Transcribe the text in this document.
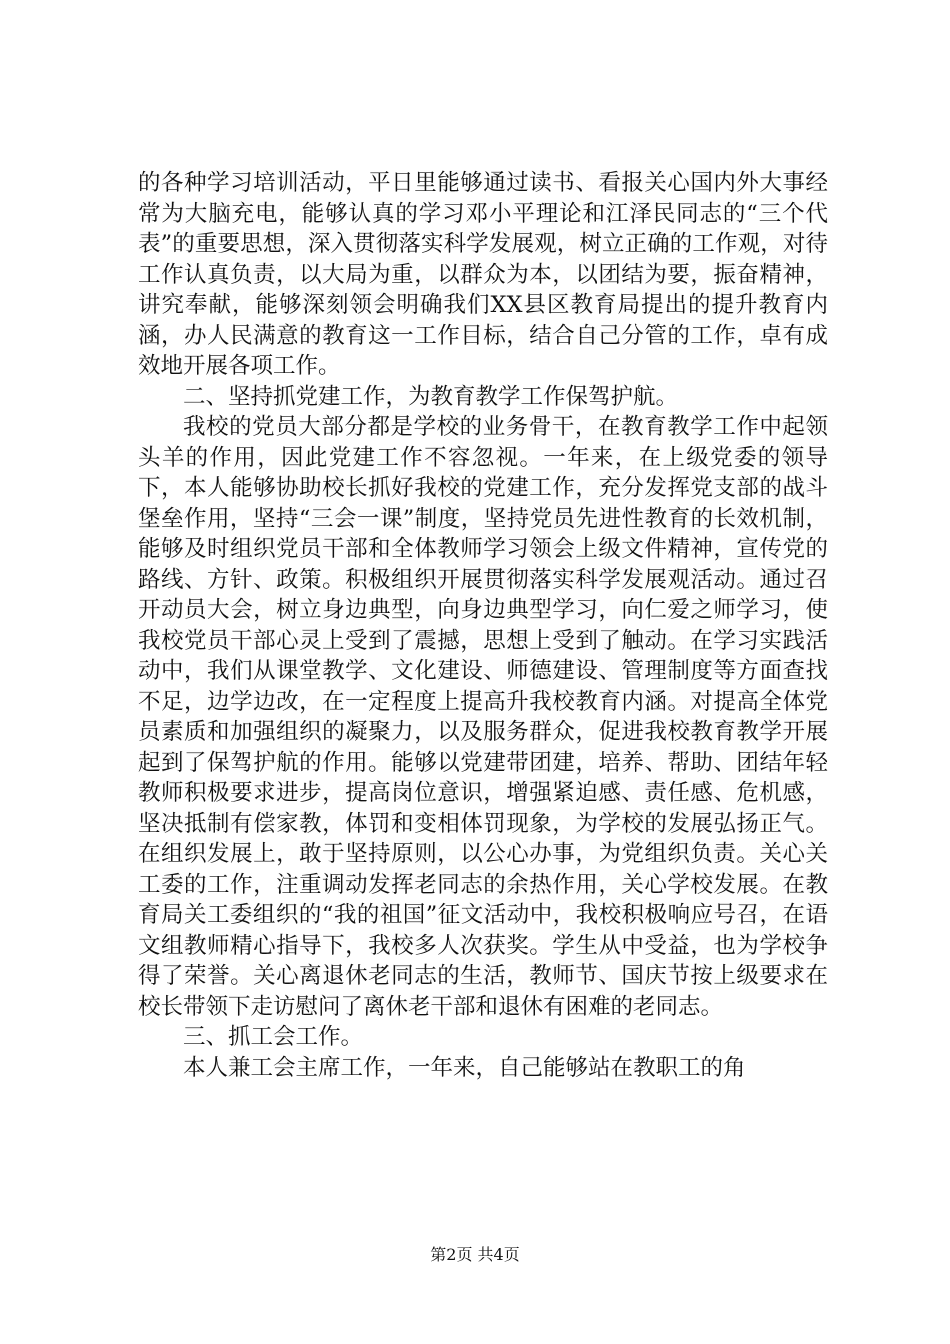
的各种学习培训活动，平日里能够通过读书、看报关心国内外大事经常为大脑充电，能够认真的学习邓小平理论和江泽民同志的“三个代表”的重要思想，深入贯彻落实科学发展观，树立正确的工作观，对待工作认真负责，以大局为重，以群众为本，以团结为要，振奋精神，讲究奉献，能够深刻领会明确我们XX县区教育局提出的提升教育内涵，办人民满意的教育这一工作目标，结合自己分管的工作，卓有成效地开展各项工作。

二、坚持抓党建工作，为教育教学工作保驾护航。

我校的党员大部分都是学校的业务骨干，在教育教学工作中起领头羊的作用，因此党建工作不容忽视。一年来，在上级党委的领导下，本人能够协助校长抓好我校的党建工作，充分发挥党支部的战斗堡垒作用，坚持“三会一课”制度，坚持党员先进性教育的长效机制，能够及时组织党员干部和全体教师学习领会上级文件精神，宣传党的路线、方针、政策。积极组织开展贯彻落实科学发展观活动。通过召开动员大会，树立身边典型，向身边典型学习，向仁爱之师学习，使我校党员干部心灵上受到了震撼，思想上受到了触动。在学习实践活动中，我们从课堂教学、文化建设、师德建设、管理制度等方面查找不足，边学边改，在一定程度上提高升我校教育内涵。对提高全体党员素质和加强组织的凝聚力，以及服务群众，促进我校教育教学开展起到了保驾护航的作用。能够以党建带团建，培养、帮助、团结年轻教师积极要求进步，提高岗位意识，增强紧迫感、责任感、危机感，坚决抵制有偿家教，体罚和变相体罚现象，为学校的发展弘扬正气。在组织发展上，敢于坚持原则，以公心办事，为党组织负责。关心关工委的工作，注重调动发挥老同志的余热作用，关心学校发展。在教育局关工委组织的“我的祖国”征文活动中，我校积极响应号召，在语文组教师精心指导下，我校多人次获奖。学生从中受益，也为学校争得了荣誉。关心离退休老同志的生活，教师节、国庆节按上级要求在校长带领下走访慰问了离休老干部和退休有困难的老同志。

三、抓工会工作。

本人兼工会主席工作，一年来，自己能够站在教职工的角

第2页 共4页
